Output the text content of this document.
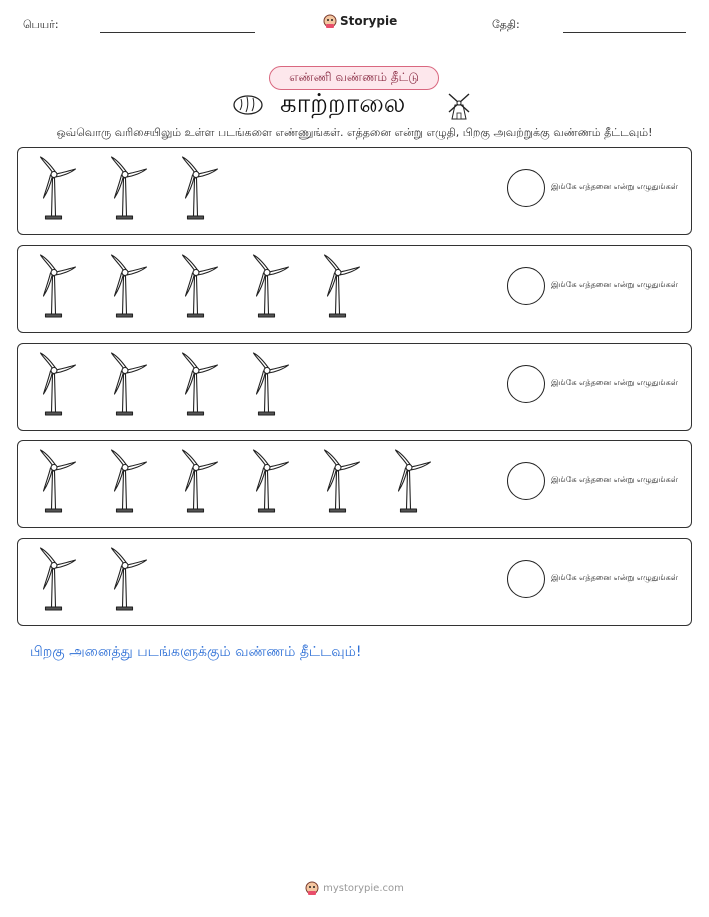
பெயர்:	Storypie	தேதி:
எண்ணி வண்ணம் தீட்டு
காற்றாலை
ஒவ்வொரு வரிசையிலும் உள்ள படங்களை எண்ணுங்கள். எத்தனை என்று எழுதி, பிறகு அவற்றுக்கு வண்ணம் தீட்டவும்!
இங்கே எத்தனை என்று எழுதுங்கள்
இங்கே எத்தனை என்று எழுதுங்கள்
இங்கே எத்தனை என்று எழுதுங்கள்
இங்கே எத்தனை என்று எழுதுங்கள்
இங்கே எத்தனை என்று எழுதுங்கள்
பிறகு அனைத்து படங்களுக்கும் வண்ணம் தீட்டவும்!
mystorypie.com
